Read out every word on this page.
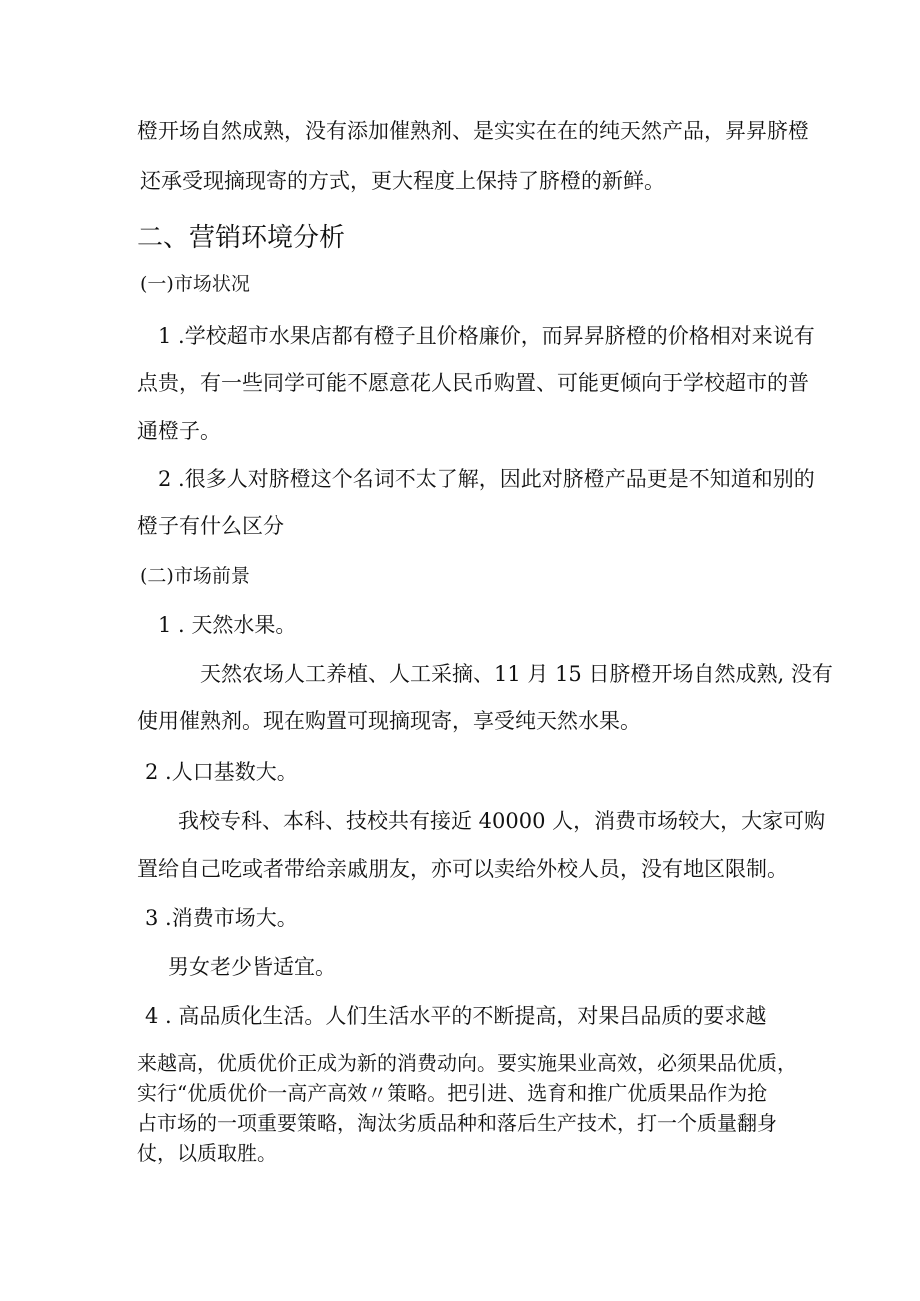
橙开场自然成熟，没有添加催熟剂、是实实在在的纯天然产品，昇昇脐橙
还承受现摘现寄的方式，更大程度上保持了脐橙的新鲜。
二、营销环境分析
(一)市场状况
1 .学校超市水果店都有橙子且价格廉价，而昇昇脐橙的价格相对来说有
点贵，有一些同学可能不愿意花人民币购置、可能更倾向于学校超市的普
通橙子。
2 .很多人对脐橙这个名词不太了解，因此对脐橙产品更是不知道和别的
橙子有什么区分
(二)市场前景
1 . 天然水果。
天然农场人工养植、人工采摘、11 月 15 日脐橙开场自然成熟, 没有
使用催熟剂。现在购置可现摘现寄，享受纯天然水果。
2 .人口基数大。
我校专科、本科、技校共有接近 40000 人，消费市场较大，大家可购
置给自己吃或者带给亲戚朋友，亦可以卖给外校人员，没有地区限制。
3 .消费市场大。
男女老少皆适宜。
4 . 高品质化生活。人们生活水平的不断提高，对果吕品质的要求越
来越高，优质优价正成为新的消费动向。要实施果业高效，必须果品优质，
实行“优质优价一高产高效〃策略。把引进、选育和推广优质果品作为抢
占市场的一项重要策略，淘汰劣质品种和落后生产技术，打一个质量翻身
仗，以质取胜。
